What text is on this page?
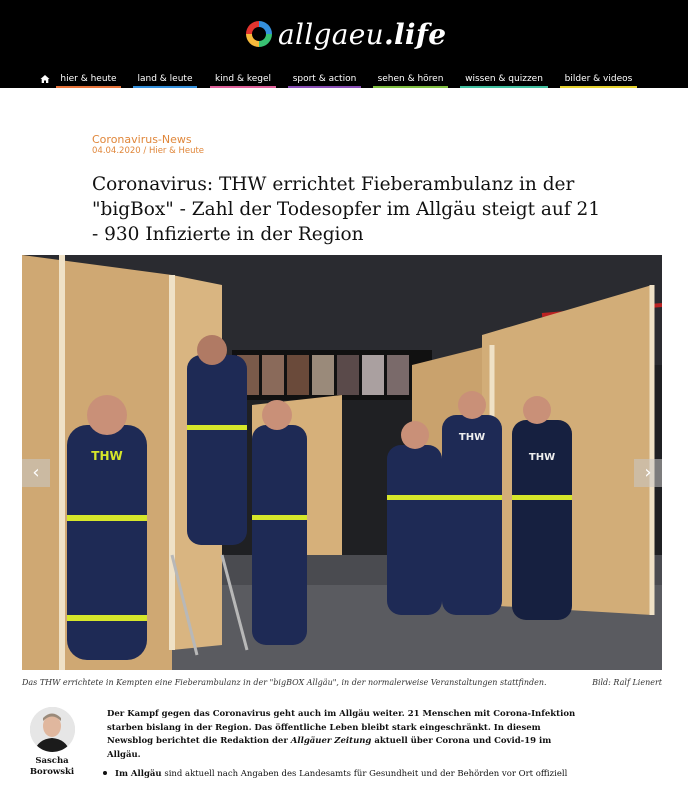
allgaeu.life
hier & heute	land & leute	kind & kegel	sport & action	sehen & hören	wissen & quizzen	bilder & videos
Coronavirus-News
04.04.2020 / Hier & Heute
Coronavirus: THW errichtet Fieberambulanz in der "bigBox" - Zahl der Todesopfer im Allgäu steigt auf 21 - 930 Infizierte in der Region
THW
THW
THW
‹	›
Das THW errichtete in Kempten eine Fieberambulanz in der "bigBOX Allgäu", in der normalerweise Veranstaltungen stattfinden.	Bild: Ralf Lienert
Sascha
Borowski

Der Kampf gegen das Coronavirus geht auch im Allgäu weiter. 21 Menschen mit Corona-Infektion starben bislang in der Region. Das öffentliche Leben bleibt stark eingeschränkt. In diesem Newsblog berichtet die Redaktion der Allgäuer Zeitung aktuell über Corona und Covid-19 im Allgäu.

Im Allgäu sind aktuell nach Angaben des Landesamts für Gesundheit und der Behörden vor Ort offiziell
